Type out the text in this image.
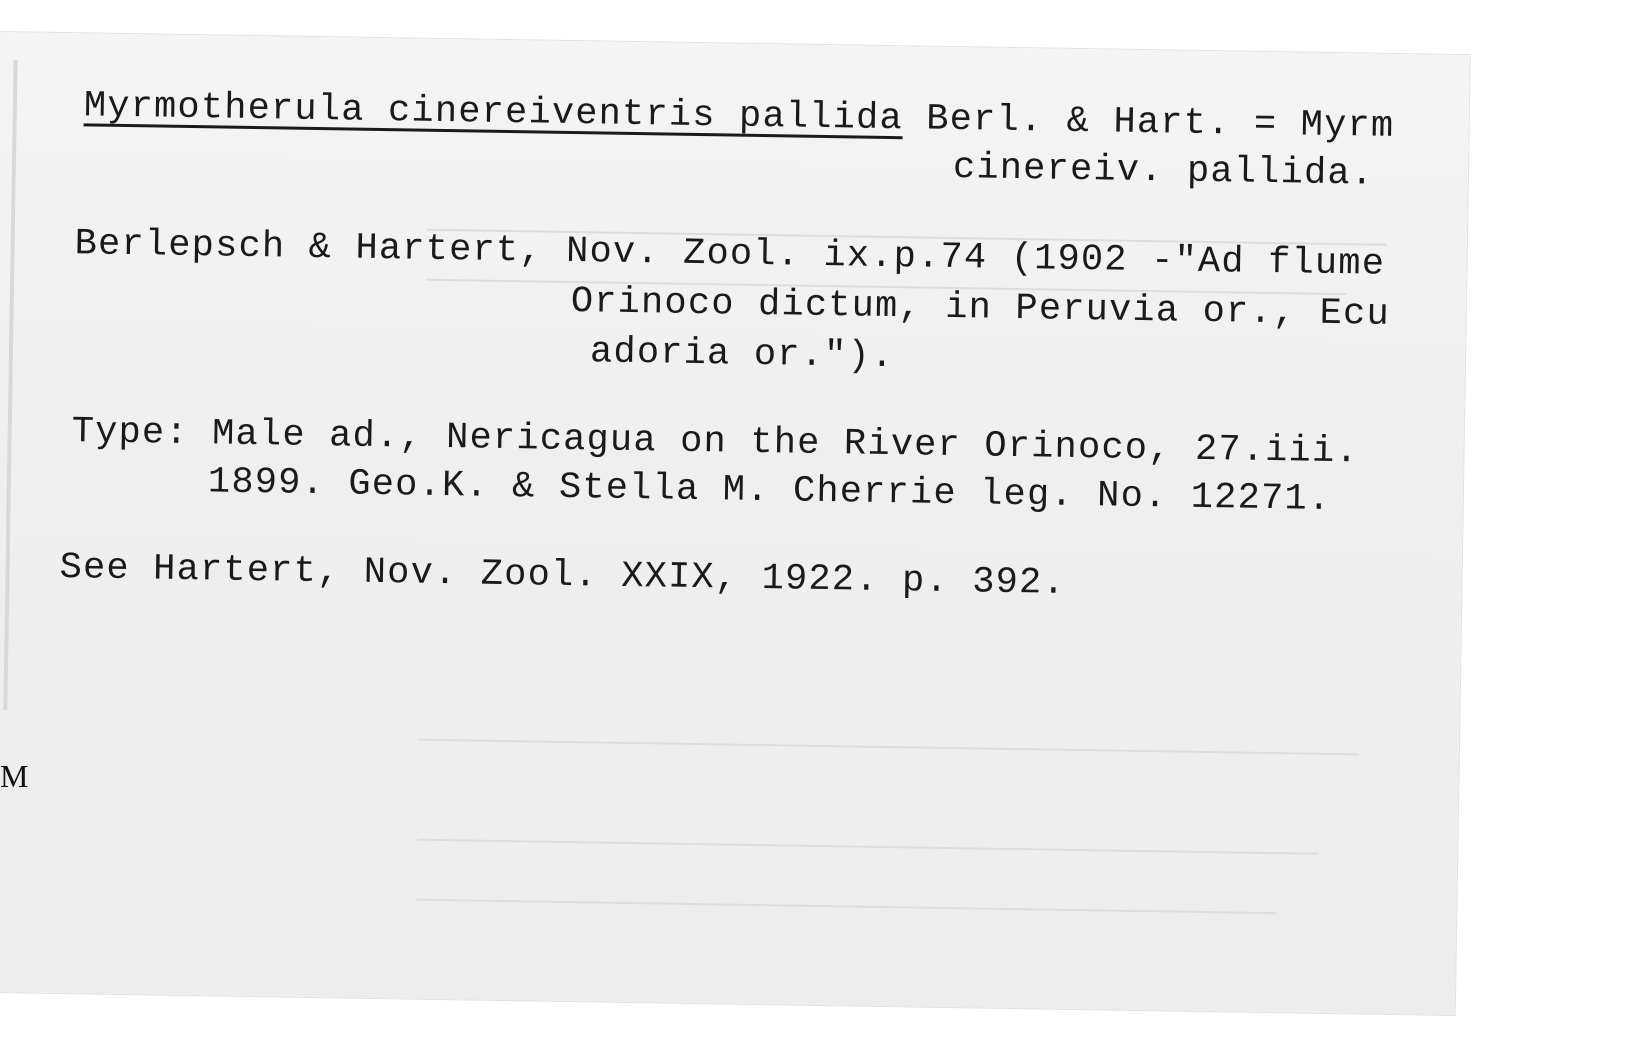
Myrmotherula cinereiventris pallida Berl. & Hart. = Myrm
cinereiv. pallida.
Berlepsch & Hartert, Nov. Zool. ix.p.74 (1902 -"Ad flume
Orinoco dictum, in Peruvia or., Ecu
adoria or.").
Type: Male ad., Nericagua on the River Orinoco, 27.iii.
1899. Geo.K. & Stella M. Cherrie leg. No. 12271.
See Hartert, Nov. Zool. XXIX, 1922. p. 392.
M
